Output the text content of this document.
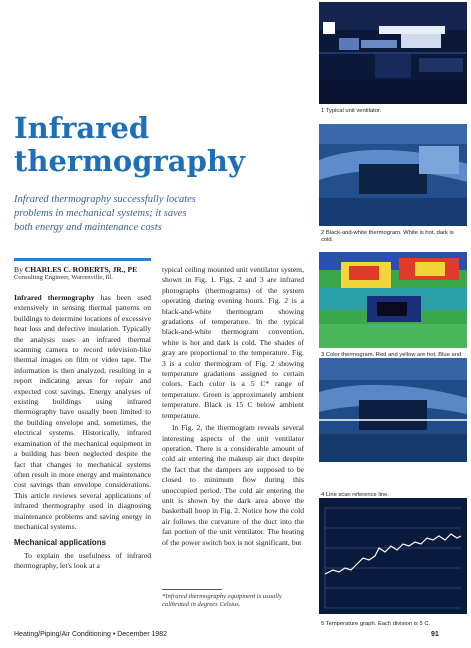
Infrared
thermography
Infrared thermography successfully locates
problems in mechanical systems; it saves
both energy and maintenance costs
By CHARLES C. ROBERTS, JR., PE
Consulting Engineer, Warrenville, Ill.

Infrared thermography has been used extensively in sensing thermal patterns on buildings to determine locations of excessive heat loss and defective insulation. Typically the analysis uses an infrared thermal scanning camera to record television-like thermal images on film or video tape. The information is then analyzed, resulting in a report indicating areas for repair and expected cost savings. Energy analyses of existing buildings using infrared thermography have usually been limited to the building envelope and, sometimes, the electrical systems. Historically, infrared examination of the mechanical equipment in a building has been neglected despite the fact that changes to mechanical systems often result in more energy and maintenance cost savings than envelope considerations. This article reviews several applications of infrared thermography used in diagnosing maintenance problems and saving energy in mechanical systems.

Mechanical applications

To explain the usefulness of infrared thermography, let's look at a

typical ceiling mounted unit ventilator system, shown in Fig. 1. Figs. 2 and 3 are infrared photographs (thermograms) of the system operating during evening hours. Fig. 2 is a black-and-white thermogram showing gradations of temperature. In the typical black-and-white thermogram convention, white is hot and dark is cold. The shades of gray are proportional to the temperature. Fig. 3 is a color thermogram of Fig. 2 showing temperature gradations assigned to certain colors. Each color is a 5 C* range of temperature. Green is approximately ambient temperature. Black is 15 C below ambient temperature.

In Fig. 2, the thermogram reveals several interesting aspects of the unit ventilator operation. There is a considerable amount of cold air entering the makeup air duct despite the fact that the dampers are supposed to be closed to minimum flow during this unoccupied period. The cold air entering the unit is shown by the dark area above the basketball hoop in Fig. 2. Notice how the cold air follows the curvature of the duct into the fan portion of the unit ventilator. The heating of the power switch box is not significant, but

*Infrared thermography equipment is usually calibrated in degrees Celsius.
1 Typical unit ventilator.
2 Black-and-white thermogram. White is hot, dark is cold.
3 Color thermogram. Red and yellow are hot. Blue and
4 Line scan reference line.
5 Temperature graph. Each division is 5 C.
Heating/Piping/Air Conditioning • December 1982	91
